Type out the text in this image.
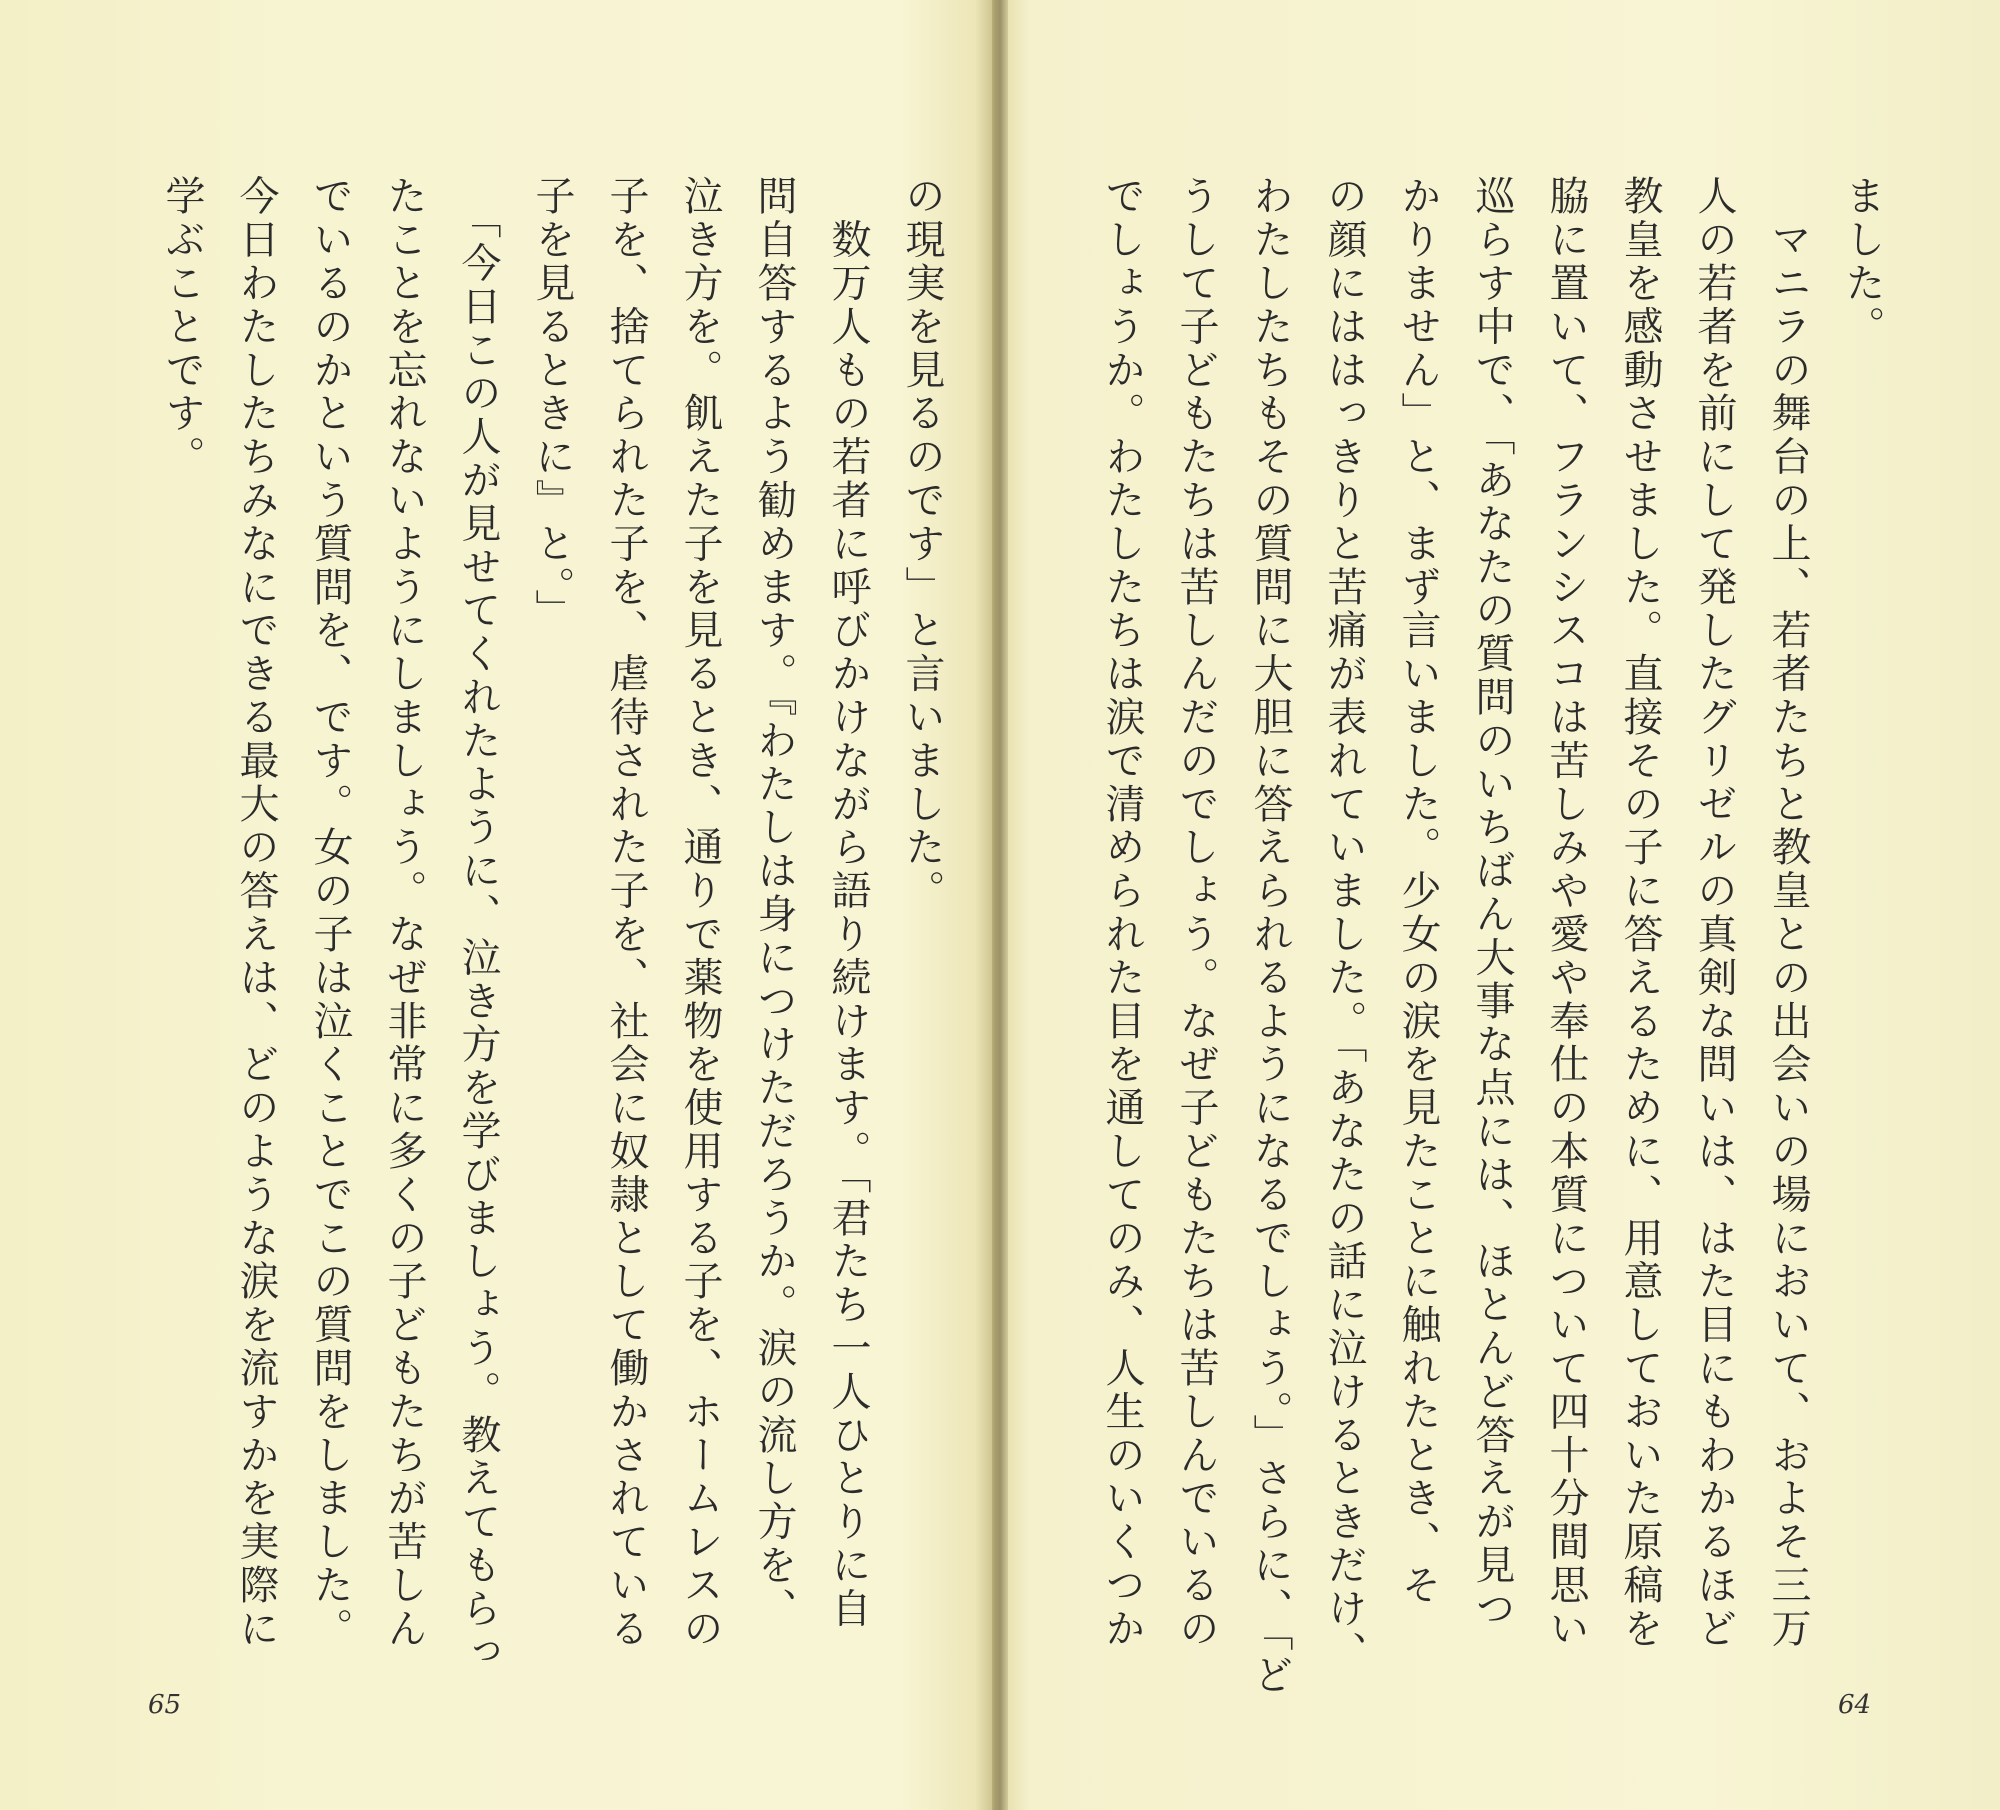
の現実を見るのです」と言いました。
　数万人もの若者に呼びかけながら語り続けます。「君たち一人ひとりに自
問自答するよう勧めます。『わたしは身につけただろうか。涙の流し方を、
泣き方を。飢えた子を見るとき、通りで薬物を使用する子を、ホームレスの
子を、捨てられた子を、虐待された子を、社会に奴隷として働かされている
子を見るときに』と。」
　「今日この人が見せてくれたように、泣き方を学びましょう。教えてもらっ
たことを忘れないようにしましょう。なぜ非常に多くの子どもたちが苦しん
でいるのかという質問を、です。女の子は泣くことでこの質問をしました。
今日わたしたちみなにできる最大の答えは、どのような涙を流すかを実際に
学ぶことです。
65
ました。
　マニラの舞台の上、若者たちと教皇との出会いの場において、およそ三万
人の若者を前にして発したグリゼルの真剣な問いは、はた目にもわかるほど
教皇を感動させました。直接その子に答えるために、用意しておいた原稿を
脇に置いて、フランシスコは苦しみや愛や奉仕の本質について四十分間思い
巡らす中で、「あなたの質問のいちばん大事な点には、ほとんど答えが見つ
かりません」と、まず言いました。少女の涙を見たことに触れたとき、そ
の顔にははっきりと苦痛が表れていました。「あなたの話に泣けるときだけ、
わたしたちもその質問に大胆に答えられるようになるでしょう。」さらに、「ど
うして子どもたちは苦しんだのでしょう。なぜ子どもたちは苦しんでいるの
でしょうか。わたしたちは涙で清められた目を通してのみ、人生のいくつか
64
